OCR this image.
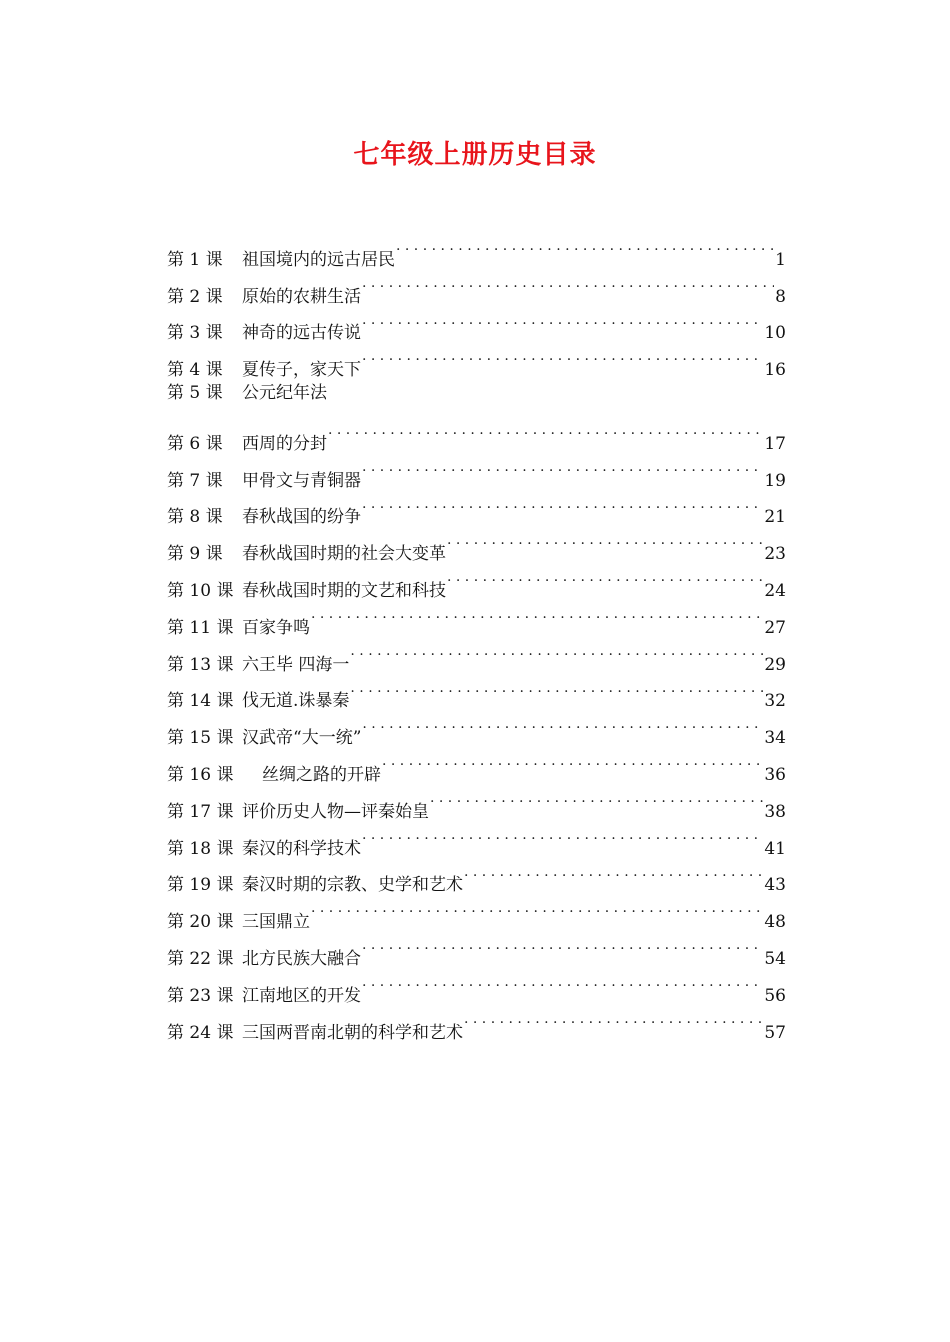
七年级上册历史目录
第 1 课	祖国境内的远古居民 . . .	1
第 2 课	原始的农耕生活 . . .	8
第 3 课	神奇的远古传说 . . .	10
第 4 课	夏传子，家天下 . . .	16
第 5 课	公元纪年法
第 6 课	西周的分封 . . .	17
第 7 课	甲骨文与青铜器 . . .	19
第 8 课	春秋战国的纷争 . . .	21
第 9 课	春秋战国时期的社会大变革 . . .	23
第 10 课 春秋战国时期的文艺和科技 . . .	24
第 11 课 百家争鸣 . . .	27
第 13 课 六王毕 四海一 . . .	29
第 14 课 伐无道.诛暴秦 . . .	32
第 15 课 汉武帝“大一统” . . .	34
第 16 课	丝绸之路的开辟 . . .	36
第 17 课 评价历史人物—评秦始皇 . . .	38
第 18 课 秦汉的科学技术 . . .	41
第 19 课 秦汉时期的宗教、史学和艺术 . . .	43
第 20 课 三国鼎立 . . .	48
第 22 课 北方民族大融合 . . .	54
第 23 课 江南地区的开发 . . .	56
第 24 课 三国两晋南北朝的科学和艺术 . . .	57
